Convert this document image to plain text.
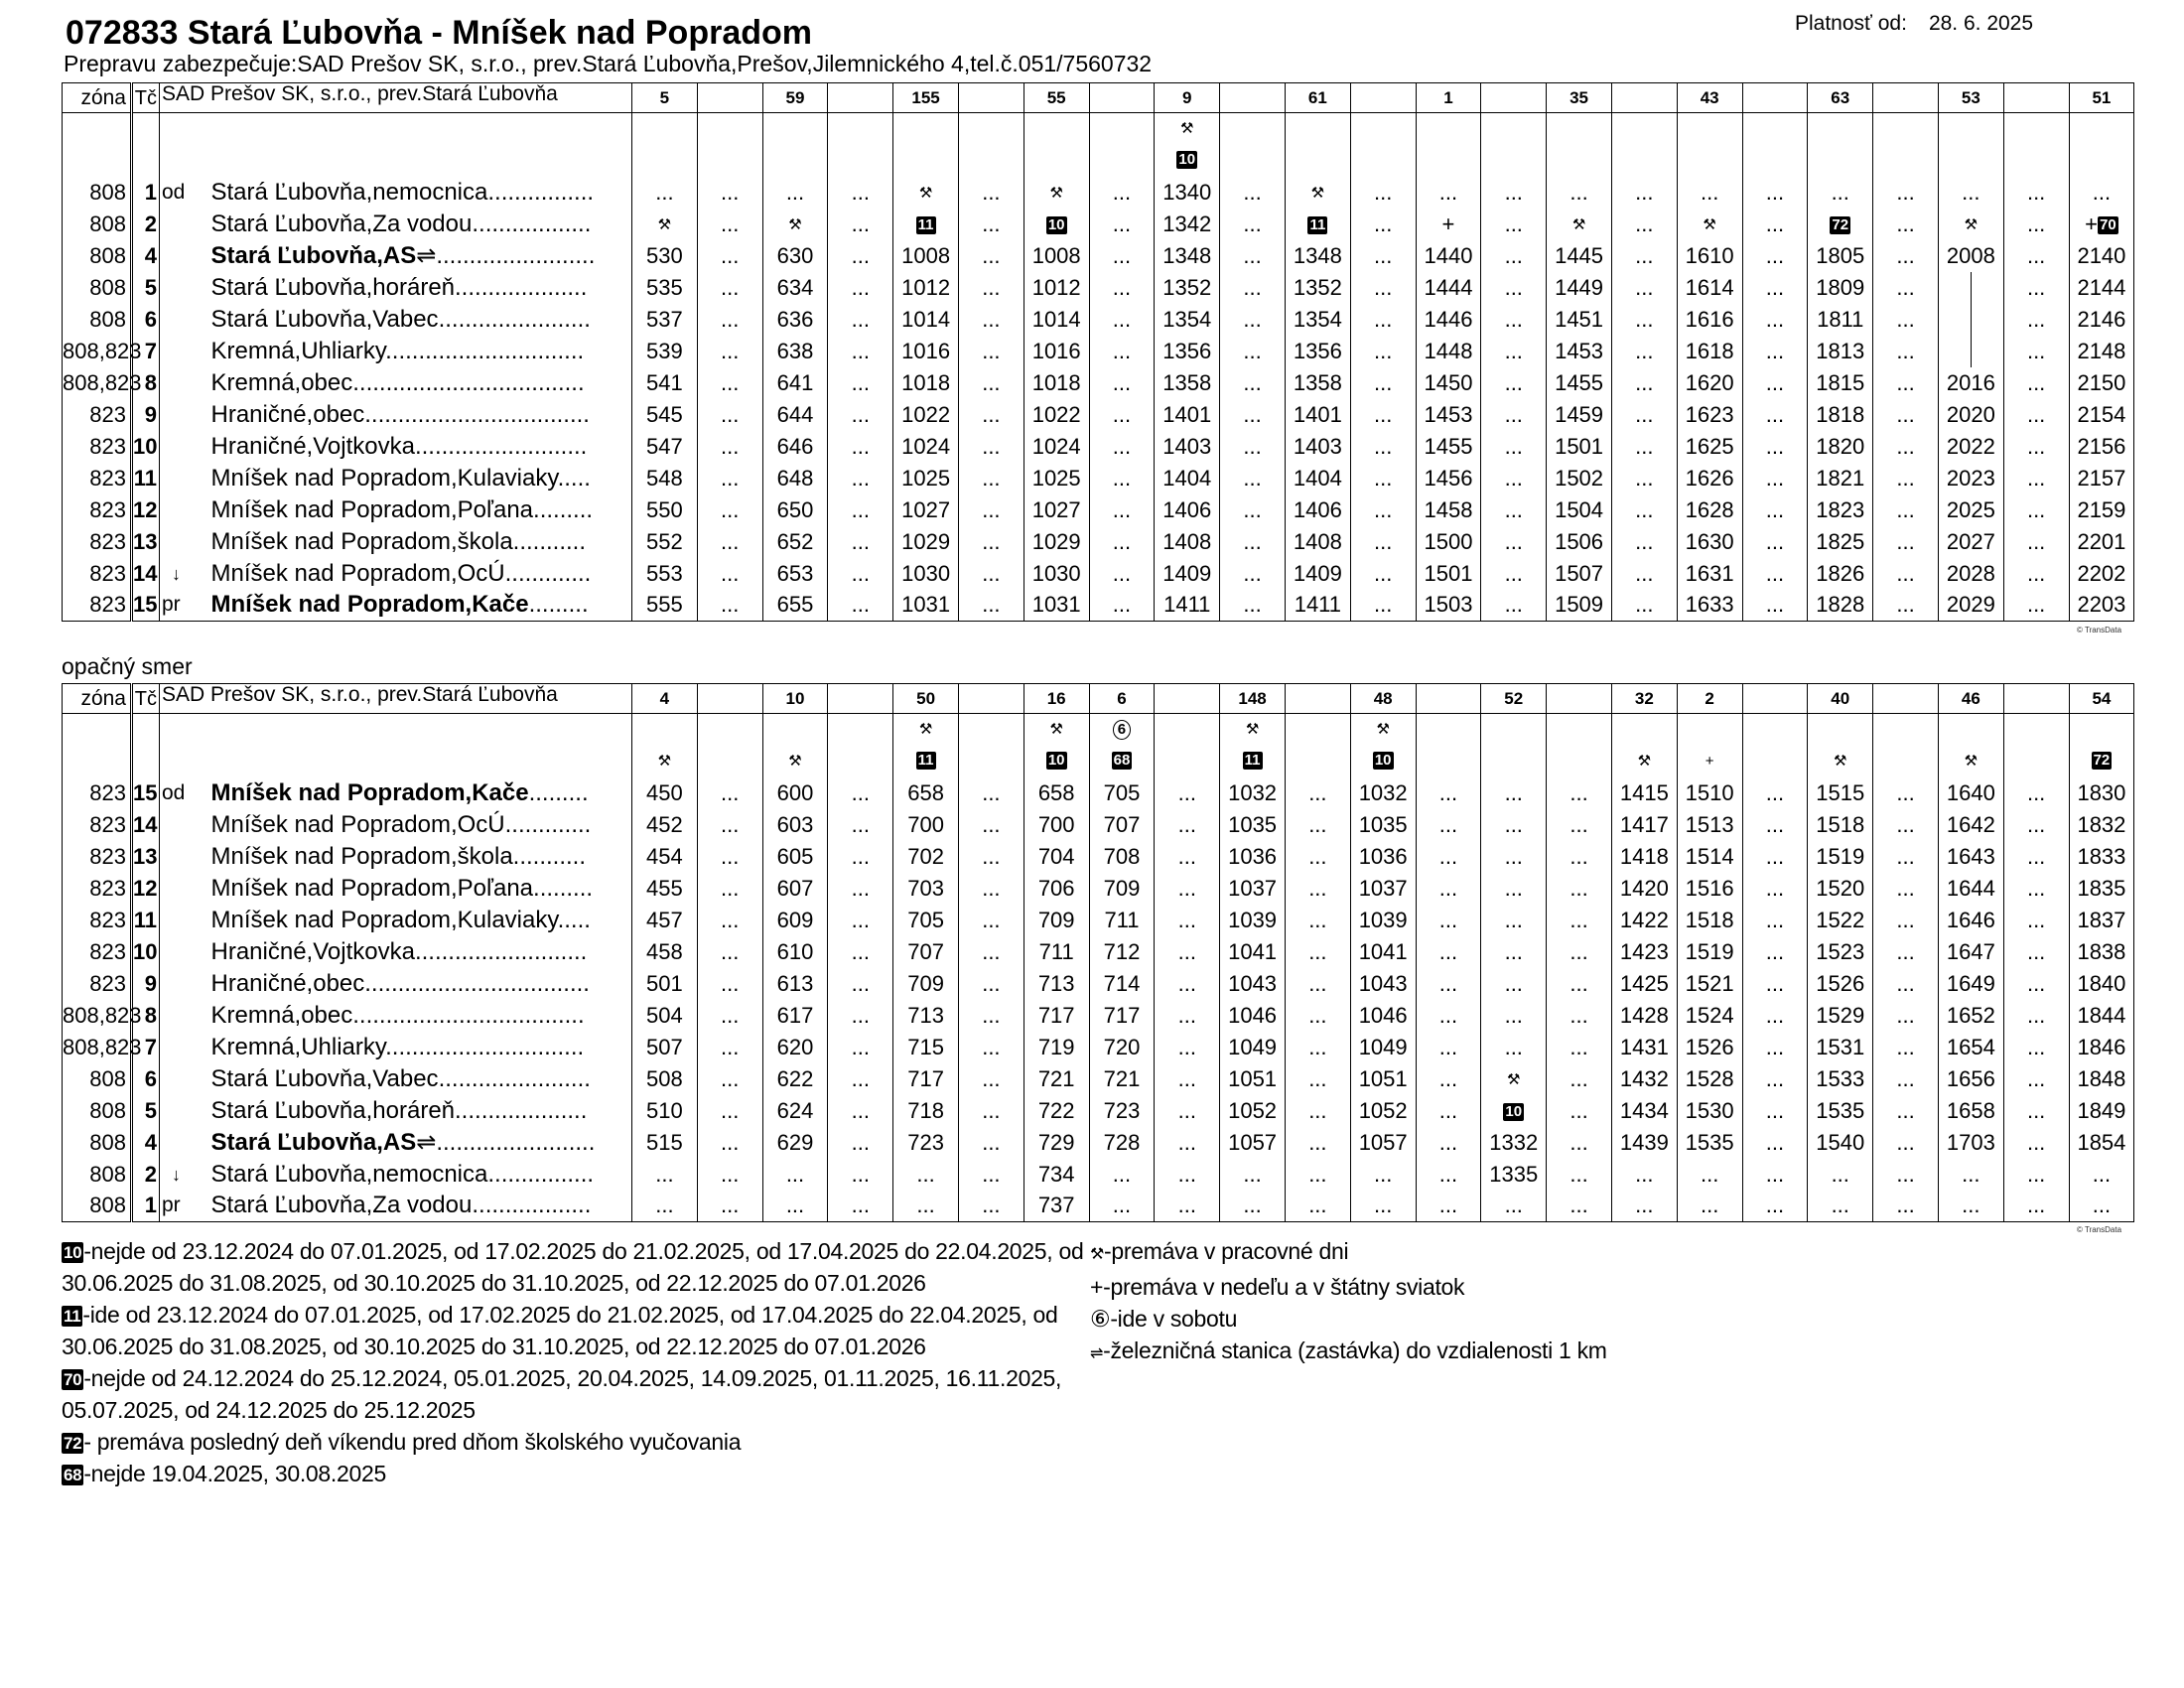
072833 Stará Ľubovňa - Mníšek nad Popradom
Prepravu zabezpečuje:SAD Prešov SK, s.r.o., prev.Stará Ľubovňa,Prešov,Jilemnického 4,tel.č.051/7560732
Platnosť od: 28. 6. 2025
zóna	Tč	SAD Prešov SK, s.r.o., prev.Stará Ľubovňa		5		59		155		55		9		61		1		35		43		63		53		51
												⚒														
												10														
808	1	od	Stará Ľubovňa,nemocnica................	...	...	...	...	⚒	...	⚒	...	1340	...	⚒	...	...	...	...	...	...	...	...	...	...	...	...
808	2		Stará Ľubovňa,Za vodou..................	⚒	...	⚒	...	11	...	10	...	1342	...	11	...	+	...	⚒	...	⚒	...	72	...	⚒	...	+ 70
808	4		Stará Ľubovňa,AS⇌........................	530	...	630	...	1008	...	1008	...	1348	...	1348	...	1440	...	1445	...	1610	...	1805	...	2008	...	2140
808	5		Stará Ľubovňa,horáreň....................	535	...	634	...	1012	...	1012	...	1352	...	1352	...	1444	...	1449	...	1614	...	1809	...		...	2144
808	6		Stará Ľubovňa,Vabec.......................	537	...	636	...	1014	...	1014	...	1354	...	1354	...	1446	...	1451	...	1616	...	1811	...		...	2146
808,823	7		Kremná,Uhliarky..............................	539	...	638	...	1016	...	1016	...	1356	...	1356	...	1448	...	1453	...	1618	...	1813	...		...	2148
808,823	8		Kremná,obec...................................	541	...	641	...	1018	...	1018	...	1358	...	1358	...	1450	...	1455	...	1620	...	1815	...	2016	...	2150
823	9		Hraničné,obec..................................	545	...	644	...	1022	...	1022	...	1401	...	1401	...	1453	...	1459	...	1623	...	1818	...	2020	...	2154
823	10		Hraničné,Vojtkovka..........................	547	...	646	...	1024	...	1024	...	1403	...	1403	...	1455	...	1501	...	1625	...	1820	...	2022	...	2156
823	11		Mníšek nad Popradom,Kulaviaky.....	548	...	648	...	1025	...	1025	...	1404	...	1404	...	1456	...	1502	...	1626	...	1821	...	2023	...	2157
823	12		Mníšek nad Popradom,Poľana.........	550	...	650	...	1027	...	1027	...	1406	...	1406	...	1458	...	1504	...	1628	...	1823	...	2025	...	2159
823	13		Mníšek nad Popradom,škola...........	552	...	652	...	1029	...	1029	...	1408	...	1408	...	1500	...	1506	...	1630	...	1825	...	2027	...	2201
823	14	↓	Mníšek nad Popradom,OcÚ.............	553	...	653	...	1030	...	1030	...	1409	...	1409	...	1501	...	1507	...	1631	...	1826	...	2028	...	2202
823	15	pr	Mníšek nad Popradom,Kače.........	555	...	655	...	1031	...	1031	...	1411	...	1411	...	1503	...	1509	...	1633	...	1828	...	2029	...	2203
© TransData
opačný smer
zóna	Tč	SAD Prešov SK, s.r.o., prev.Stará Ľubovňa		4		10		50		16	6		148		48		52		32	2		40		46		54
								⚒		⚒	6		⚒		⚒											
				⚒		⚒		11		10	68		11		10				⚒	+		⚒		⚒		72
823	15	od	Mníšek nad Popradom,Kače.........	450	...	600	...	658	...	658	705	...	1032	...	1032	...	...	...	1415	1510	...	1515	...	1640	...	1830
823	14		Mníšek nad Popradom,OcÚ.............	452	...	603	...	700	...	700	707	...	1035	...	1035	...	...	...	1417	1513	...	1518	...	1642	...	1832
823	13		Mníšek nad Popradom,škola...........	454	...	605	...	702	...	704	708	...	1036	...	1036	...	...	...	1418	1514	...	1519	...	1643	...	1833
823	12		Mníšek nad Popradom,Poľana.........	455	...	607	...	703	...	706	709	...	1037	...	1037	...	...	...	1420	1516	...	1520	...	1644	...	1835
823	11		Mníšek nad Popradom,Kulaviaky.....	457	...	609	...	705	...	709	711	...	1039	...	1039	...	...	...	1422	1518	...	1522	...	1646	...	1837
823	10		Hraničné,Vojtkovka..........................	458	...	610	...	707	...	711	712	...	1041	...	1041	...	...	...	1423	1519	...	1523	...	1647	...	1838
823	9		Hraničné,obec..................................	501	...	613	...	709	...	713	714	...	1043	...	1043	...	...	...	1425	1521	...	1526	...	1649	...	1840
808,823	8		Kremná,obec...................................	504	...	617	...	713	...	717	717	...	1046	...	1046	...	...	...	1428	1524	...	1529	...	1652	...	1844
808,823	7		Kremná,Uhliarky..............................	507	...	620	...	715	...	719	720	...	1049	...	1049	...	...	...	1431	1526	...	1531	...	1654	...	1846
808	6		Stará Ľubovňa,Vabec.......................	508	...	622	...	717	...	721	721	...	1051	...	1051	...	⚒	...	1432	1528	...	1533	...	1656	...	1848
808	5		Stará Ľubovňa,horáreň....................	510	...	624	...	718	...	722	723	...	1052	...	1052	...	10	...	1434	1530	...	1535	...	1658	...	1849
808	4		Stará Ľubovňa,AS⇌........................	515	...	629	...	723	...	729	728	...	1057	...	1057	...	1332	...	1439	1535	...	1540	...	1703	...	1854
808	2	↓	Stará Ľubovňa,nemocnica................	...	...	...	...	...	...	734	...	...	...	...	...	...	1335	...	...	...	...	...	...	...	...	...
808	1	pr	Stará Ľubovňa,Za vodou..................	...	...	...	...	...	...	737	...	...	...	...	...	...	...	...	...	...	...	...	...	...	...	...
© TransData
10-nejde od 23.12.2024 do 07.01.2025, od 17.02.2025 do 21.02.2025, od 17.04.2025 do 22.04.2025, od 30.06.2025 do 31.08.2025, od 30.10.2025 do 31.10.2025, od 22.12.2025 do 07.01.2026
11-ide od 23.12.2024 do 07.01.2025, od 17.02.2025 do 21.02.2025, od 17.04.2025 do 22.04.2025, od 30.06.2025 do 31.08.2025, od 30.10.2025 do 31.10.2025, od 22.12.2025 do 07.01.2026
70-nejde od 24.12.2024 do 25.12.2024, 05.01.2025, 20.04.2025, 14.09.2025, 01.11.2025, 16.11.2025, 05.07.2025, od 24.12.2025 do 25.12.2025
72- premáva posledný deň víkendu pred dňom školského vyučovania
68-nejde 19.04.2025, 30.08.2025
⚒-premáva v pracovné dni
+-premáva v nedeľu a v štátny sviatok
⑥-ide v sobotu
⇌-železničná stanica (zastávka) do vzdialenosti 1 km
